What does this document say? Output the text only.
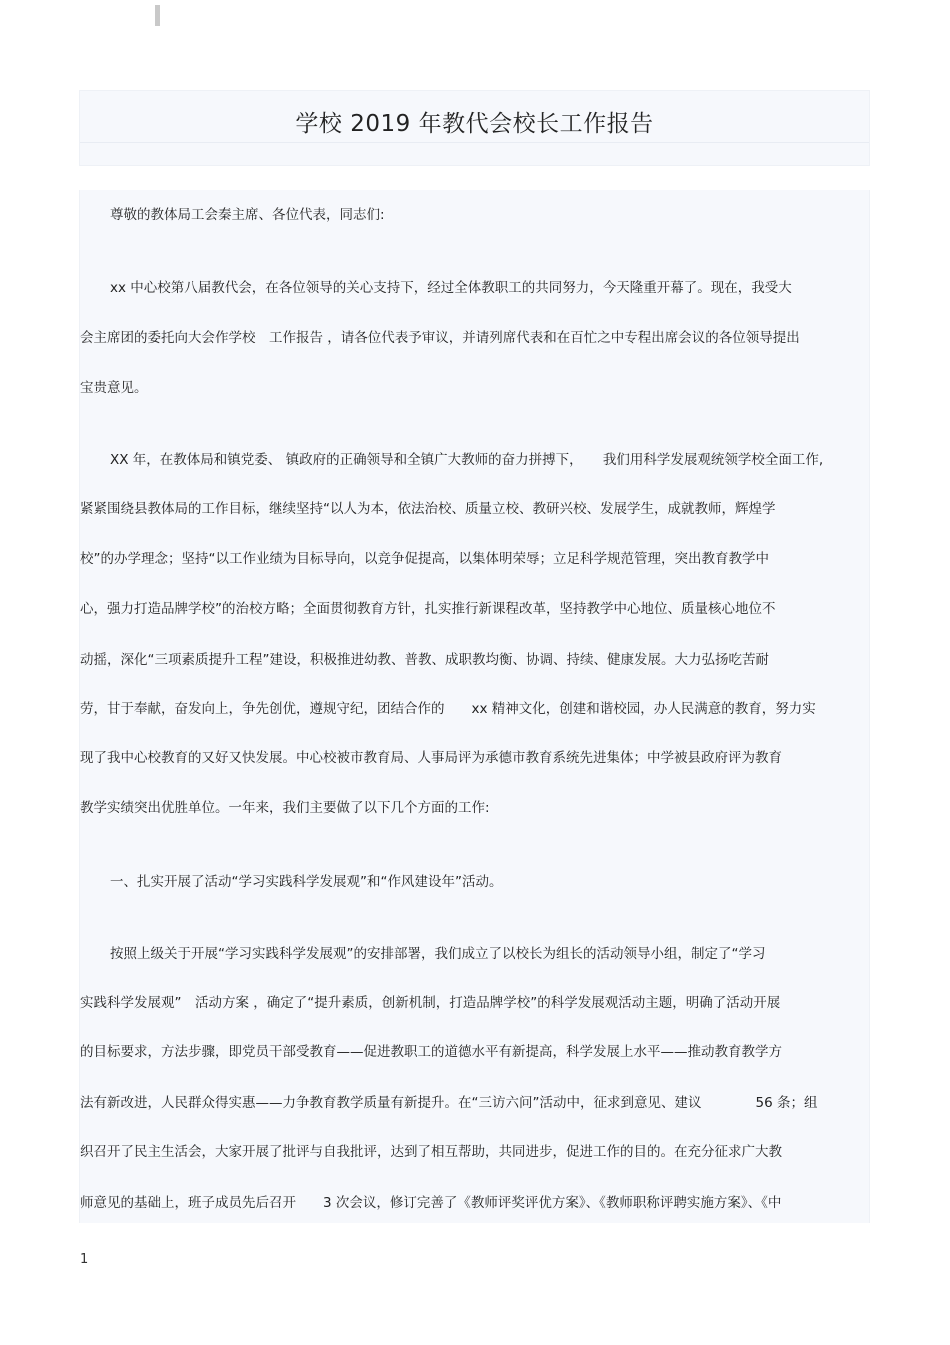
学校 2019 年教代会校长工作报告
尊敬的教体局工会秦主席、各位代表，同志们:
xx 中心校第八届教代会，在各位领导的关心支持下，经过全体教职工的共同努力，今天隆重开幕了。现在，我受大
会主席团的委托向大会作学校　工作报告 ，请各位代表予审议，并请列席代表和在百忙之中专程出席会议的各位领导提出
宝贵意见。
XX 年，在教体局和镇党委、 镇政府的正确领导和全镇广大教师的奋力拼搏下，　　我们用科学发展观统领学校全面工作,
紧紧围绕县教体局的工作目标，继续坚持“以人为本，依法治校、质量立校、教研兴校、发展学生，成就教师，辉煌学
校”的办学理念；坚持“以工作业绩为目标导向，以竞争促提高，以集体明荣辱；立足科学规范管理，突出教育教学中
心，强力打造品牌学校”的治校方略；全面贯彻教育方针，扎实推行新课程改革，坚持教学中心地位、质量核心地位不
动摇，深化“三项素质提升工程”建设，积极推进幼教、普教、成职教均衡、协调、持续、健康发展。大力弘扬吃苦耐
劳，甘于奉献，奋发向上，争先创优，遵规守纪，团结合作的　　xx 精神文化，创建和谐校园，办人民满意的教育，努力实
现了我中心校教育的又好又快发展。中心校被市教育局、人事局评为承德市教育系统先进集体；中学被县政府评为教育
教学实绩突出优胜单位。一年来，我们主要做了以下几个方面的工作:
一、扎实开展了活动“学习实践科学发展观”和“作风建设年”活动。
按照上级关于开展“学习实践科学发展观”的安排部署，我们成立了以校长为组长的活动领导小组，制定了“学习
实践科学发展观”　活动方案 ，确定了“提升素质，创新机制，打造品牌学校”的科学发展观活动主题，明确了活动开展
的目标要求，方法步骤，即党员干部受教育——促进教职工的道德水平有新提高，科学发展上水平——推动教育教学方
法有新改进，人民群众得实惠——力争教育教学质量有新提升。在“三访六问”活动中，征求到意见、建议　　　　56 条；组
织召开了民主生活会，大家开展了批评与自我批评，达到了相互帮助，共同进步，促进工作的目的。在充分征求广大教
师意见的基础上，班子成员先后召开　　3 次会议，修订完善了《教师评奖评优方案》、《教师职称评聘实施方案》、《中
1
